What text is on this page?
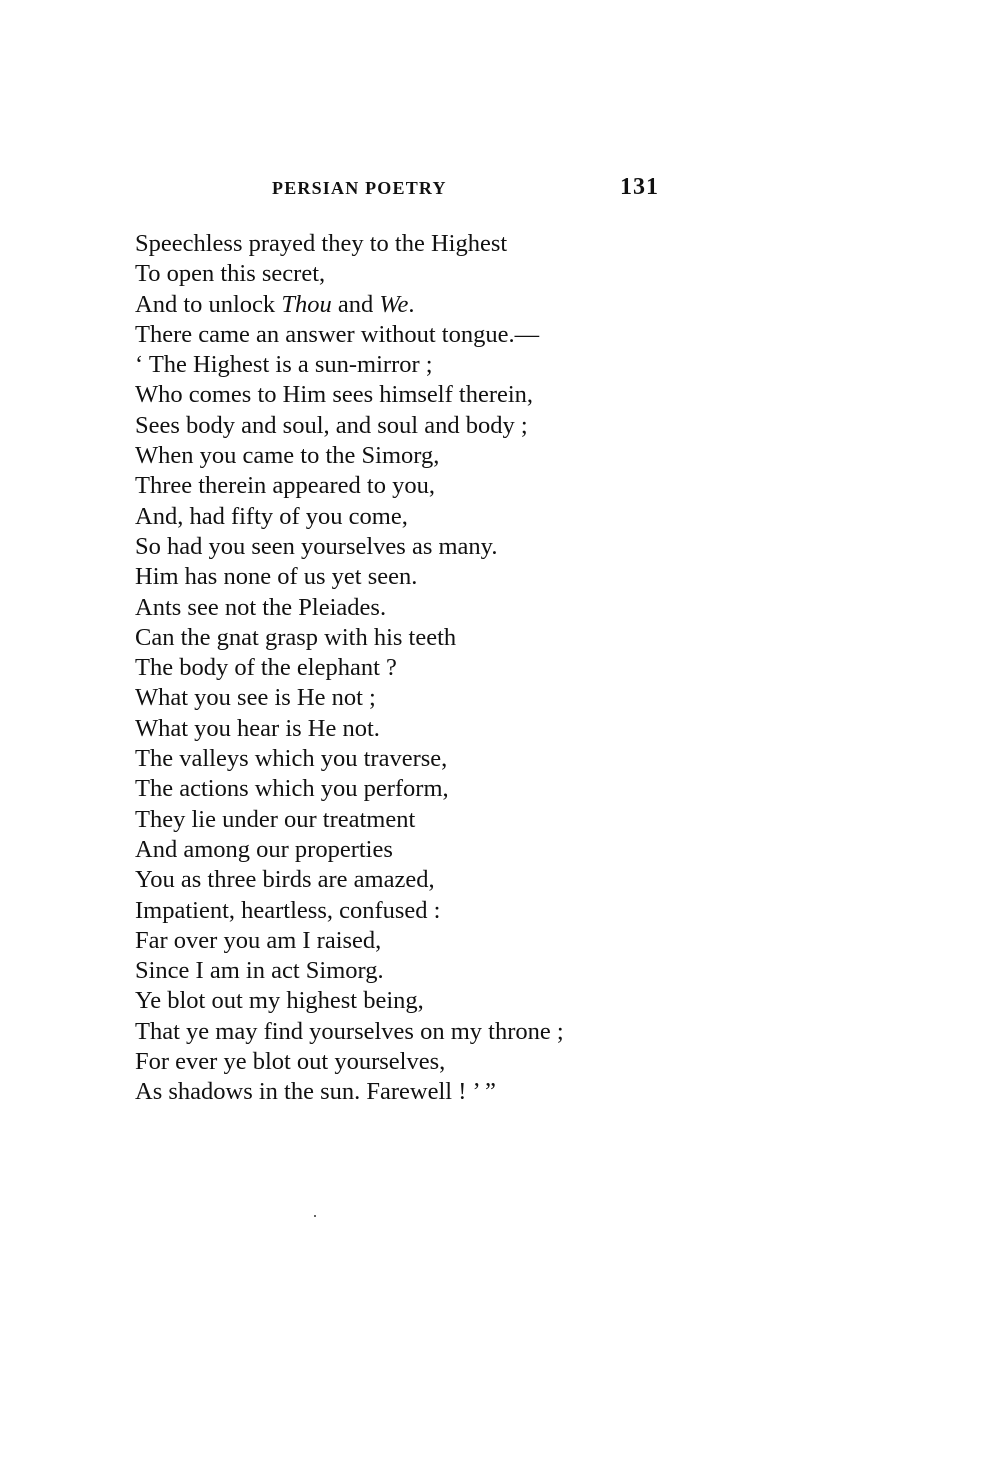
PERSIAN POETRY	131
Speechless prayed they to the Highest
To open this secret,
And to unlock Thou and We.
There came an answer without tongue.—
‘ The Highest is a sun-mirror ;
Who comes to Him sees himself therein,
Sees body and soul, and soul and body ;
When you came to the Simorg,
Three therein appeared to you,
And, had fifty of you come,
So had you seen yourselves as many.
Him has none of us yet seen.
Ants see not the Pleiades.
Can the gnat grasp with his teeth
The body of the elephant ?
What you see is He not ;
What you hear is He not.
The valleys which you traverse,
The actions which you perform,
They lie under our treatment
And among our properties
You as three birds are amazed,
Impatient, heartless, confused :
Far over you am I raised,
Since I am in act Simorg.
Ye blot out my highest being,
That ye may find yourselves on my throne ;
For ever ye blot out yourselves,
As shadows in the sun. Farewell ! ’ ”
